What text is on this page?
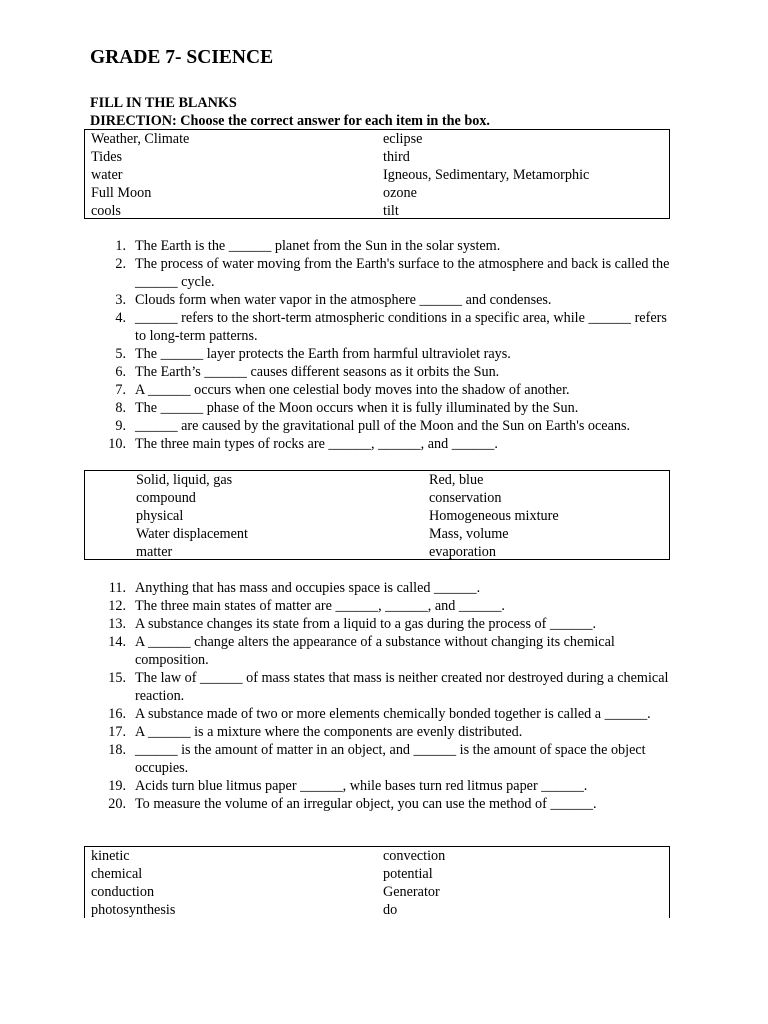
GRADE 7- SCIENCE
FILL IN THE BLANKS
DIRECTION: Choose the correct answer for each item in the box.
Weather, Climate	eclipse
Tides	third
water	Igneous, Sedimentary, Metamorphic
Full Moon	ozone
cools	tilt
1. The Earth is the ______ planet from the Sun in the solar system.
2. The process of water moving from the Earth's surface to the atmosphere and back is called the ______ cycle.
3. Clouds form when water vapor in the atmosphere ______ and condenses.
4. ______ refers to the short-term atmospheric conditions in a specific area, while ______ refers to long-term patterns.
5. The ______ layer protects the Earth from harmful ultraviolet rays.
6. The Earth’s ______ causes different seasons as it orbits the Sun.
7. A ______ occurs when one celestial body moves into the shadow of another.
8. The ______ phase of the Moon occurs when it is fully illuminated by the Sun.
9. ______ are caused by the gravitational pull of the Moon and the Sun on Earth's oceans.
10. The three main types of rocks are ______, ______, and ______.
Solid, liquid, gas	Red, blue
compound	conservation
physical	Homogeneous mixture
Water displacement	Mass, volume
matter	evaporation
11. Anything that has mass and occupies space is called ______.
12. The three main states of matter are ______, ______, and ______.
13. A substance changes its state from a liquid to a gas during the process of ______.
14. A ______ change alters the appearance of a substance without changing its chemical composition.
15. The law of ______ of mass states that mass is neither created nor destroyed during a chemical reaction.
16. A substance made of two or more elements chemically bonded together is called a ______.
17. A ______ is a mixture where the components are evenly distributed.
18. ______ is the amount of matter in an object, and ______ is the amount of space the object occupies.
19. Acids turn blue litmus paper ______, while bases turn red litmus paper ______.
20. To measure the volume of an irregular object, you can use the method of ______.
kinetic	convection
chemical	potential
conduction	Generator
photosynthesis	do
